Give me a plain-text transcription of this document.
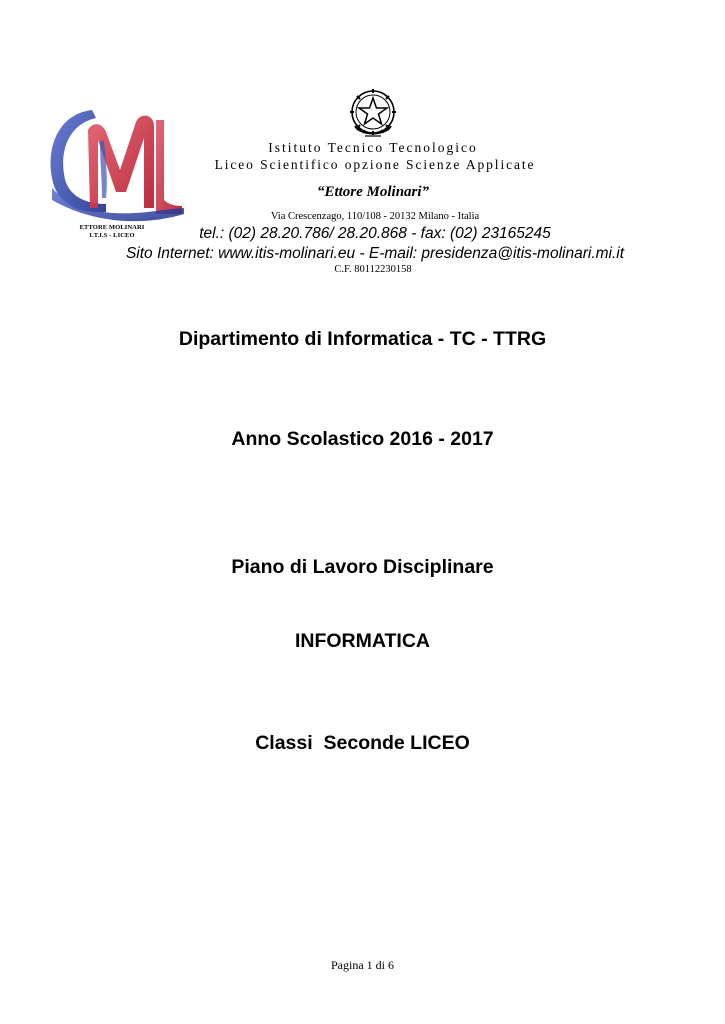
ETTORE MOLINARI
I.T.I.S - LICEO
Istituto Tecnico Tecnologico
Liceo Scientifico opzione Scienze Applicate
“Ettore Molinari”
Via Crescenzago, 110/108 - 20132 Milano - Italia
tel.: (02) 28.20.786/ 28.20.868 - fax: (02) 23165245
Sito Internet: www.itis-molinari.eu - E-mail: presidenza@itis-molinari.mi.it
C.F. 80112230158
Dipartimento di Informatica - TC - TTRG
Anno Scolastico 2016 - 2017
Piano di Lavoro Disciplinare
INFORMATICA
Classi  Seconde LICEO
Pagina 1 di 6
